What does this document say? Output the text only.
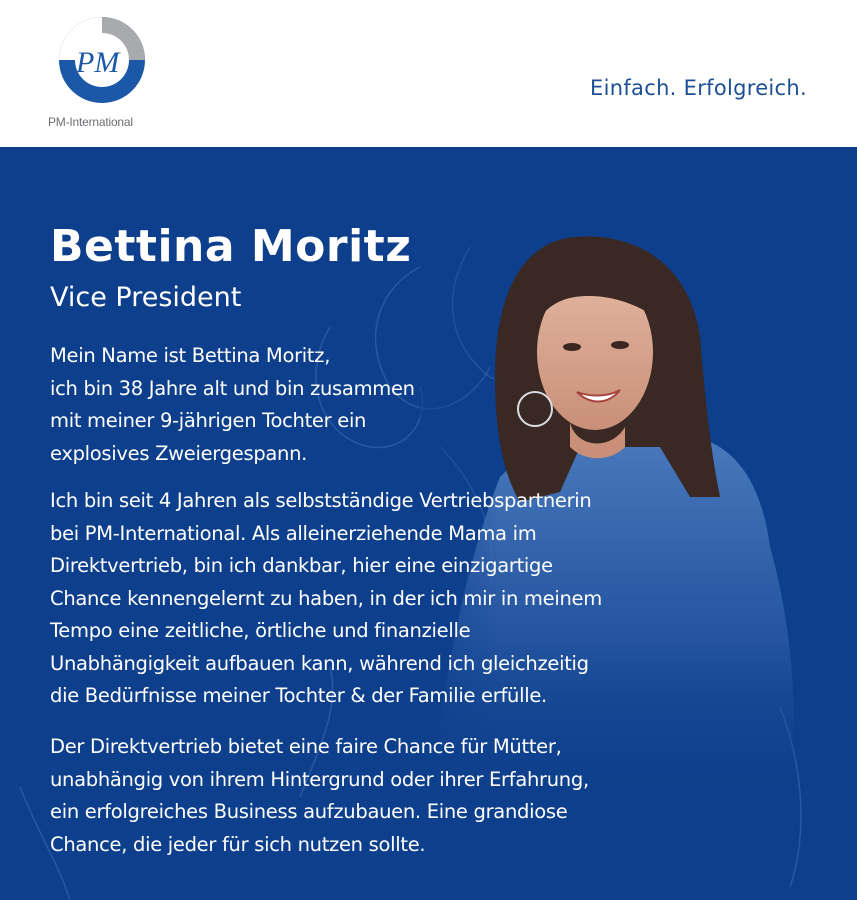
PM
PM-International
Einfach. Erfolgreich.
Bettina Moritz
Vice President
Mein Name ist Bettina Moritz,
ich bin 38 Jahre alt und bin zusammen
mit meiner 9-jährigen Tochter ein
explosives Zweiergespann.
Ich bin seit 4 Jahren als selbstständige Vertriebspartnerin
bei PM-International. Als alleinerziehende Mama im
Direktvertrieb, bin ich dankbar, hier eine einzigartige
Chance kennengelernt zu haben, in der ich mir in meinem
Tempo eine zeitliche, örtliche und finanzielle
Unabhängigkeit aufbauen kann, während ich gleichzeitig
die Bedürfnisse meiner Tochter & der Familie erfülle.
Der Direktvertrieb bietet eine faire Chance für Mütter,
unabhängig von ihrem Hintergrund oder ihrer Erfahrung,
ein erfolgreiches Business aufzubauen. Eine grandiose
Chance, die jeder für sich nutzen sollte.
